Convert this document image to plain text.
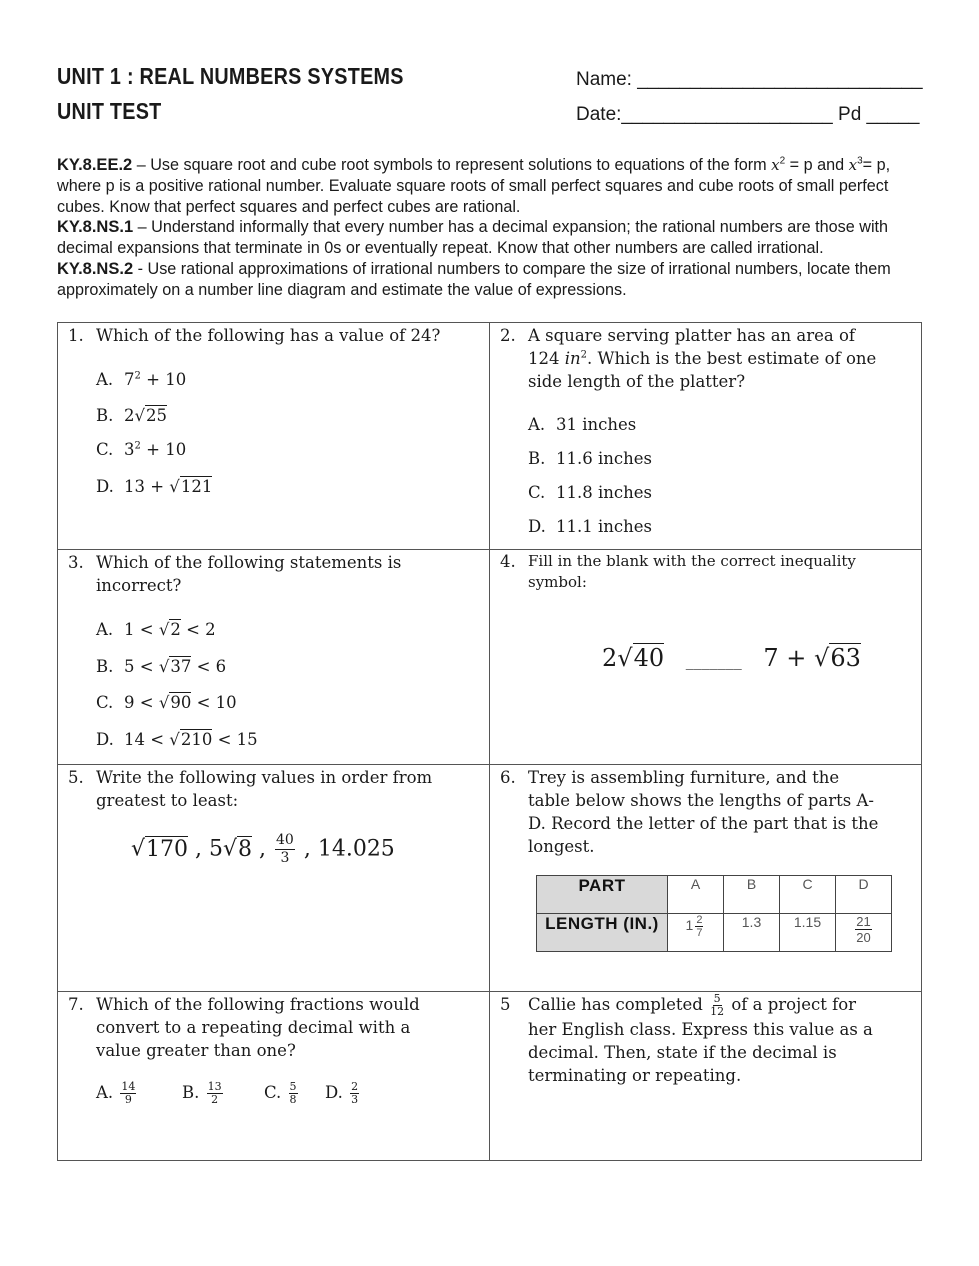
UNIT 1 : REAL NUMBERS SYSTEMS
UNIT TEST
Name: ___________________________
Date:____________________ Pd _____

KY.8.EE.2 – Use square root and cube root symbols to represent solutions to equations of the form $x^2 = p$ and $x^3= p$, where p is a positive rational number. Evaluate square roots of small perfect squares and cube roots of small perfect cubes. Know that perfect squares and perfect cubes are rational.

KY.8.NS.1 – Understand informally that every number has a decimal expansion; the rational numbers are those with decimal expansions that terminate in 0s or eventually repeat. Know that other numbers are called irrational.

KY.8.NS.2 - Use rational approximations of irrational numbers to compare the size of irrational numbers, locate them approximately on a number line diagram and estimate the value of expressions.

1. Which of the following has a value of 24?
A. $7^2 + 10$
B. 2√25
C. $3^2 + 10$
D. 13 + √121

2. A square serving platter has an area of 124 $in^2$. Which is the best estimate of one side length of the platter?
A. 31 inches
B. 11.6 inches
C. 11.8 inches
D. 11.1 inches

3. Which of the following statements is incorrect?
A. 1 < √2 < 2
B. 5 < √37 < 6
C. 9 < √90 < 10
D. 14 < √210 < 15

4. Fill in the blank with the correct inequality symbol:
2√40 _______ 7 + √63

5. Write the following values in order from greatest to least:
√170 , 5√8 , $\frac{40}{3}$ , 14.025

6. Trey is assembling furniture, and the table below shows the lengths of parts A-D. Record the letter of the part that is the longest.
PART	A	B	C	D
LENGTH (IN.)	$1 \frac{2}{7}$	1.3	1.15	$\frac{21}{20}$

7. Which of the following fractions would convert to a repeating decimal with a value greater than one?
A. $\frac{14}{9}$	B. $\frac{13}{2}$	C. $\frac{5}{8} D$. $\frac{2}{3}$

5 Callie has completed $\frac{5}{12}$ of a project for her English class. Express this value as a decimal. Then, state if the decimal is terminating or repeating.
